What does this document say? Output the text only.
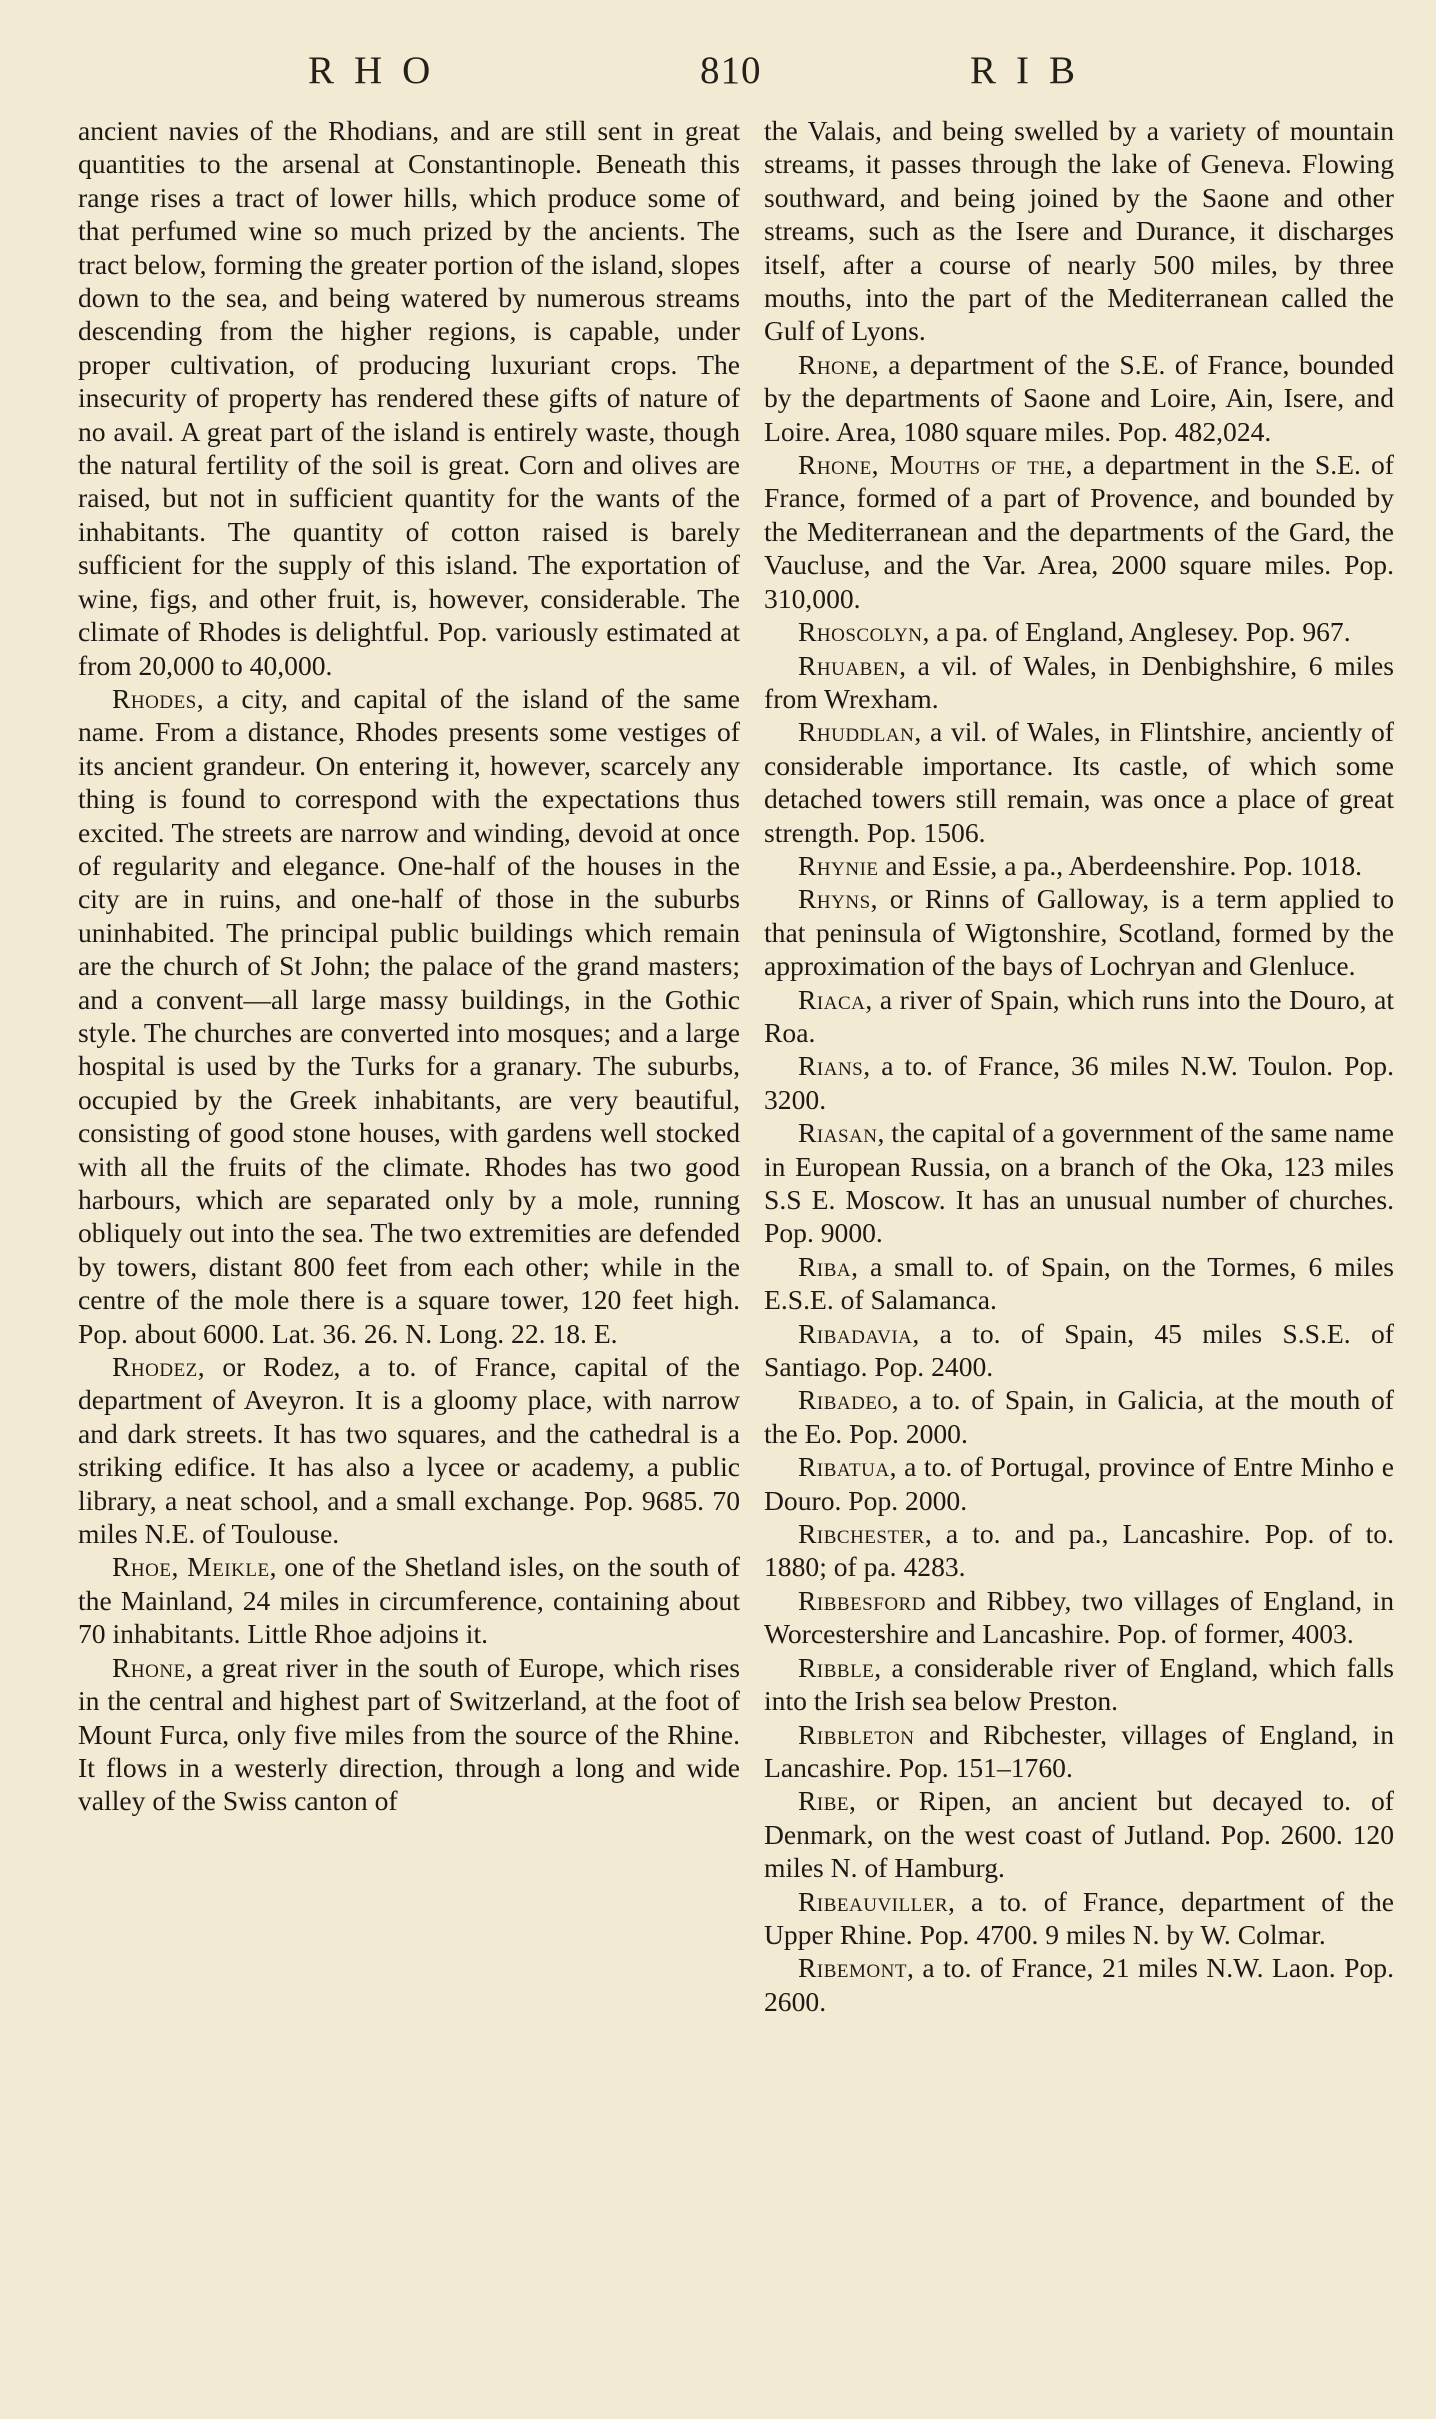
RHO	810	RIB

ancient navies of the Rhodians, and are still sent in great quantities to the arsenal at Constantinople. Beneath this range rises a tract of lower hills, which produce some of that perfumed wine so much prized by the ancients. The tract below, forming the greater portion of the island, slopes down to the sea, and being watered by numerous streams descending from the higher regions, is capable, under proper cultivation, of producing luxuriant crops. The insecurity of property has rendered these gifts of nature of no avail. A great part of the island is entirely waste, though the natural fertility of the soil is great. Corn and olives are raised, but not in sufficient quantity for the wants of the inhabitants. The quantity of cotton raised is barely sufficient for the supply of this island. The exportation of wine, figs, and other fruit, is, however, considerable. The climate of Rhodes is delightful. Pop. variously estimated at from 20,000 to 40,000.

Rhodes, a city, and capital of the island of the same name. From a distance, Rhodes presents some vestiges of its ancient grandeur. On entering it, however, scarcely any thing is found to correspond with the expectations thus excited. The streets are narrow and winding, devoid at once of regularity and elegance. One-half of the houses in the city are in ruins, and one-half of those in the suburbs uninhabited. The principal public buildings which remain are the church of St John; the palace of the grand masters; and a convent—all large massy buildings, in the Gothic style. The churches are converted into mosques; and a large hospital is used by the Turks for a granary. The suburbs, occupied by the Greek inhabitants, are very beautiful, consisting of good stone houses, with gardens well stocked with all the fruits of the climate. Rhodes has two good harbours, which are separated only by a mole, running obliquely out into the sea. The two extremities are defended by towers, distant 800 feet from each other; while in the centre of the mole there is a square tower, 120 feet high. Pop. about 6000. Lat. 36. 26. N. Long. 22. 18. E.

Rhodez, or Rodez, a to. of France, capital of the department of Aveyron. It is a gloomy place, with narrow and dark streets. It has two squares, and the cathedral is a striking edifice. It has also a lycee or academy, a public library, a neat school, and a small exchange. Pop. 9685. 70 miles N.E. of Toulouse.

Rhoe, Meikle, one of the Shetland isles, on the south of the Mainland, 24 miles in circumference, containing about 70 inhabitants. Little Rhoe adjoins it.

Rhone, a great river in the south of Europe, which rises in the central and highest part of Switzerland, at the foot of Mount Furca, only five miles from the source of the Rhine. It flows in a westerly direction, through a long and wide valley of the Swiss canton of

the Valais, and being swelled by a variety of mountain streams, it passes through the lake of Geneva. Flowing southward, and being joined by the Saone and other streams, such as the Isere and Durance, it discharges itself, after a course of nearly 500 miles, by three mouths, into the part of the Mediterranean called the Gulf of Lyons.

Rhone, a department of the S.E. of France, bounded by the departments of Saone and Loire, Ain, Isere, and Loire. Area, 1080 square miles. Pop. 482,024.

Rhone, Mouths of the, a department in the S.E. of France, formed of a part of Provence, and bounded by the Mediterranean and the departments of the Gard, the Vaucluse, and the Var. Area, 2000 square miles. Pop. 310,000.

Rhoscolyn, a pa. of England, Anglesey. Pop. 967.

Rhuaben, a vil. of Wales, in Denbighshire, 6 miles from Wrexham.

Rhuddlan, a vil. of Wales, in Flintshire, anciently of considerable importance. Its castle, of which some detached towers still remain, was once a place of great strength. Pop. 1506.

Rhynie and Essie, a pa., Aberdeenshire. Pop. 1018.

Rhyns, or Rinns of Galloway, is a term applied to that peninsula of Wigtonshire, Scotland, formed by the approximation of the bays of Lochryan and Glenluce.

Riaca, a river of Spain, which runs into the Douro, at Roa.

Rians, a to. of France, 36 miles N.W. Toulon. Pop. 3200.

Riasan, the capital of a government of the same name in European Russia, on a branch of the Oka, 123 miles S.S E. Moscow. It has an unusual number of churches. Pop. 9000.

Riba, a small to. of Spain, on the Tormes, 6 miles E.S.E. of Salamanca.

Ribadavia, a to. of Spain, 45 miles S.S.E. of Santiago. Pop. 2400.

Ribadeo, a to. of Spain, in Galicia, at the mouth of the Eo. Pop. 2000.

Ribatua, a to. of Portugal, province of Entre Minho e Douro. Pop. 2000.

Ribchester, a to. and pa., Lancashire. Pop. of to. 1880; of pa. 4283.

Ribbesford and Ribbey, two villages of England, in Worcestershire and Lancashire. Pop. of former, 4003.

Ribble, a considerable river of England, which falls into the Irish sea below Preston.

Ribbleton and Ribchester, villages of England, in Lancashire. Pop. 151–1760.

Ribe, or Ripen, an ancient but decayed to. of Denmark, on the west coast of Jutland. Pop. 2600. 120 miles N. of Hamburg.

Ribeauviller, a to. of France, department of the Upper Rhine. Pop. 4700. 9 miles N. by W. Colmar.

Ribemont, a to. of France, 21 miles N.W. Laon. Pop. 2600.
